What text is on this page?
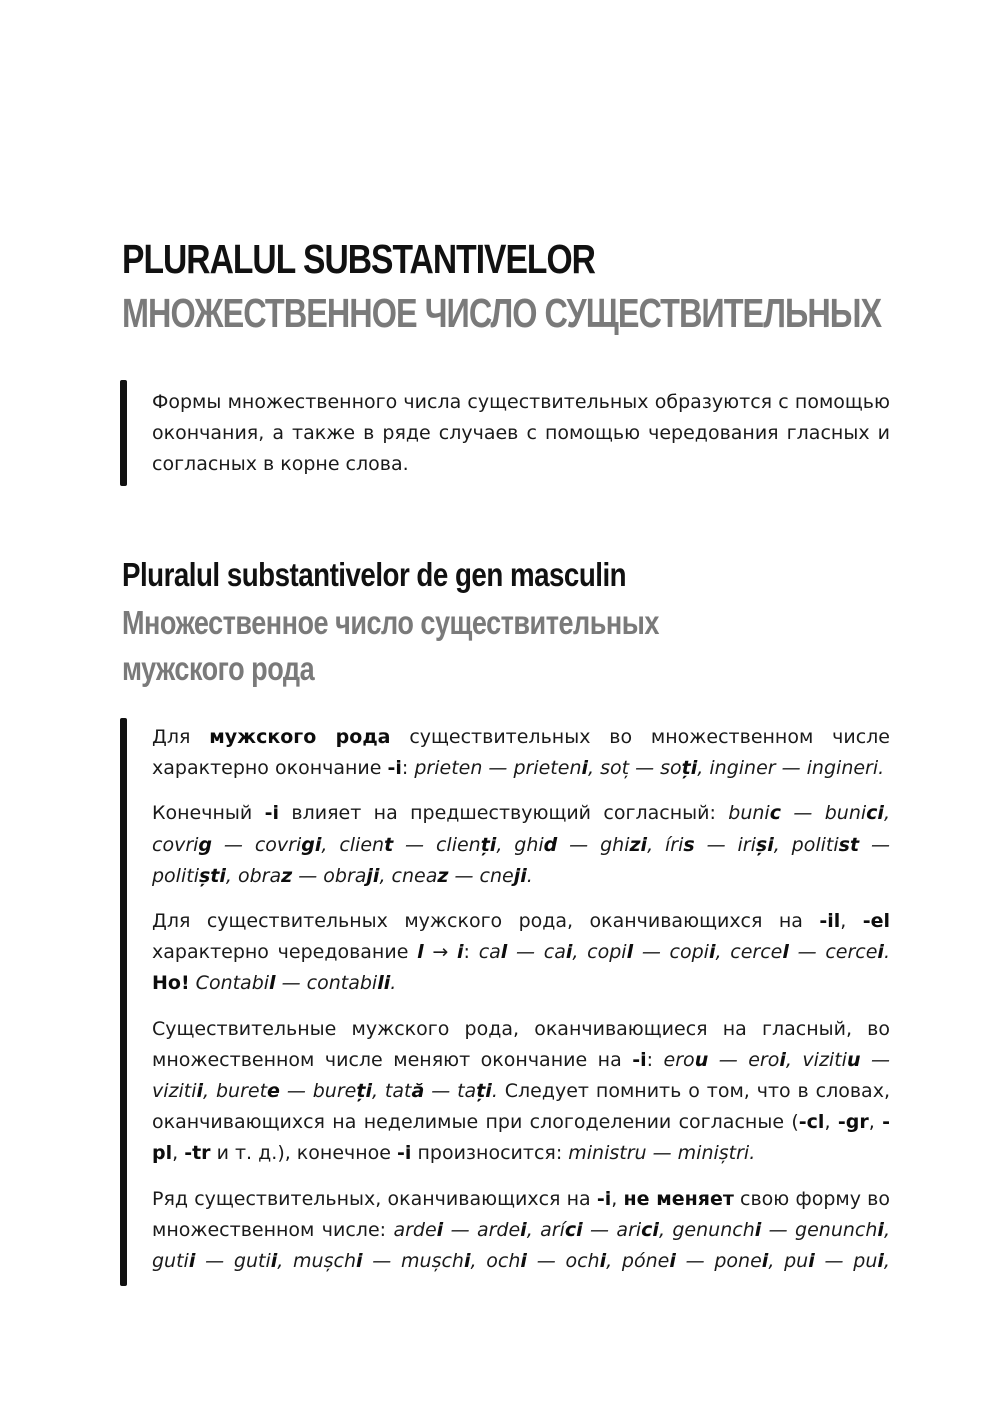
PLURALUL SUBSTANTIVELOR
МНОЖЕСТВЕННОЕ ЧИСЛО СУЩЕСТВИТЕЛЬНЫХ
Формы множественного числа существительных образуются с помощью окончания, а также в ряде случаев с помощью чередования гласных и согласных в корне слова.
Pluralul substantivelor de gen masculin
Множественное число существительных
мужского рода

Для мужского рода существительных во множественном числе характерно окончание -i: prieten — prieteni, soț — soți, inginer — ingineri.

Конечный -i влияет на предшествующий согласный: bunic — bunici, covrig — covrigi, client — clienți, ghid — ghizi, íris — iriși, politist — politiști, obraz — obraji, cneaz — cneji.

Для существительных мужского рода, оканчивающихся на -il, -el характерно чередование l → i: cal — cai, copil — copii, cercel — cercei. Но! Contabil — contabili.

Существительные мужского рода, оканчивающиеся на гласный, во множественном числе меняют окончание на -i: erou — eroi, vizitiu — vizitii, burete — bureți, tată — tați. Следует помнить о том, что в словах, оканчивающихся на неделимые при слогоделении согласные (-cl, -gr, -pl, -tr и т. д.), конечное -i произносится: ministru — miniștri.

Ряд существительных, оканчивающихся на -i, не меняет свою форму во множественном числе: ardei — ardei, aríci — arici, genunchi — genunchi, gutii — gutii, mușchi — mușchi, ochi — ochi, pónei — ponei, pui — pui,
